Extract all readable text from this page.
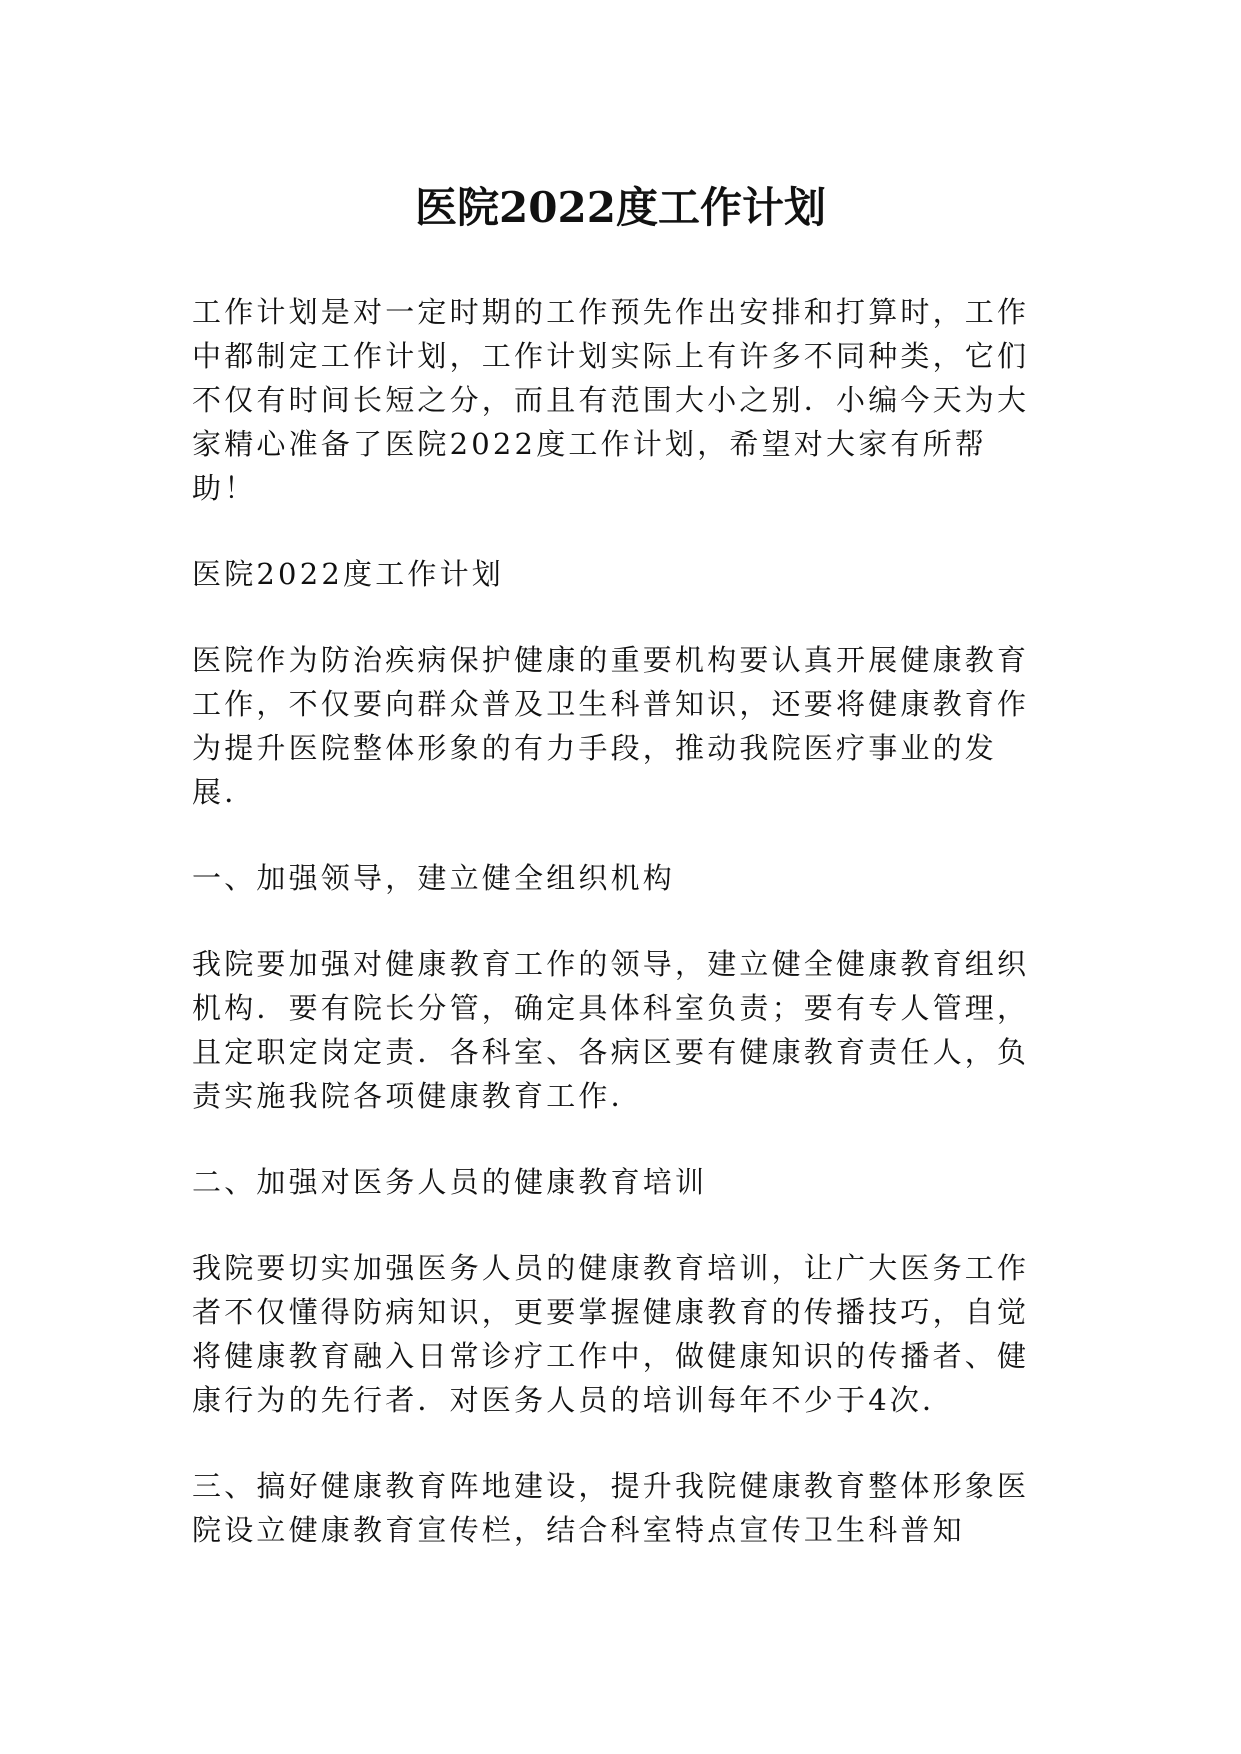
医院2022度工作计划

工作计划是对一定时期的工作预先作出安排和打算时，工作中都制定工作计划，工作计划实际上有许多不同种类，它们不仅有时间长短之分，而且有范围大小之别．小编今天为大家精心准备了医院2022度工作计划，希望对大家有所帮助！

医院2022度工作计划

医院作为防治疾病保护健康的重要机构要认真开展健康教育工作，不仅要向群众普及卫生科普知识，还要将健康教育作为提升医院整体形象的有力手段，推动我院医疗事业的发展．

一、加强领导，建立健全组织机构

我院要加强对健康教育工作的领导，建立健全健康教育组织机构．要有院长分管，确定具体科室负责；要有专人管理，且定职定岗定责．各科室、各病区要有健康教育责任人，负责实施我院各项健康教育工作．

二、加强对医务人员的健康教育培训

我院要切实加强医务人员的健康教育培训，让广大医务工作者不仅懂得防病知识，更要掌握健康教育的传播技巧，自觉将健康教育融入日常诊疗工作中，做健康知识的传播者、健康行为的先行者．对医务人员的培训每年不少于4次．

三、搞好健康教育阵地建设，提升我院健康教育整体形象医院设立健康教育宣传栏，结合科室特点宣传卫生科普知
